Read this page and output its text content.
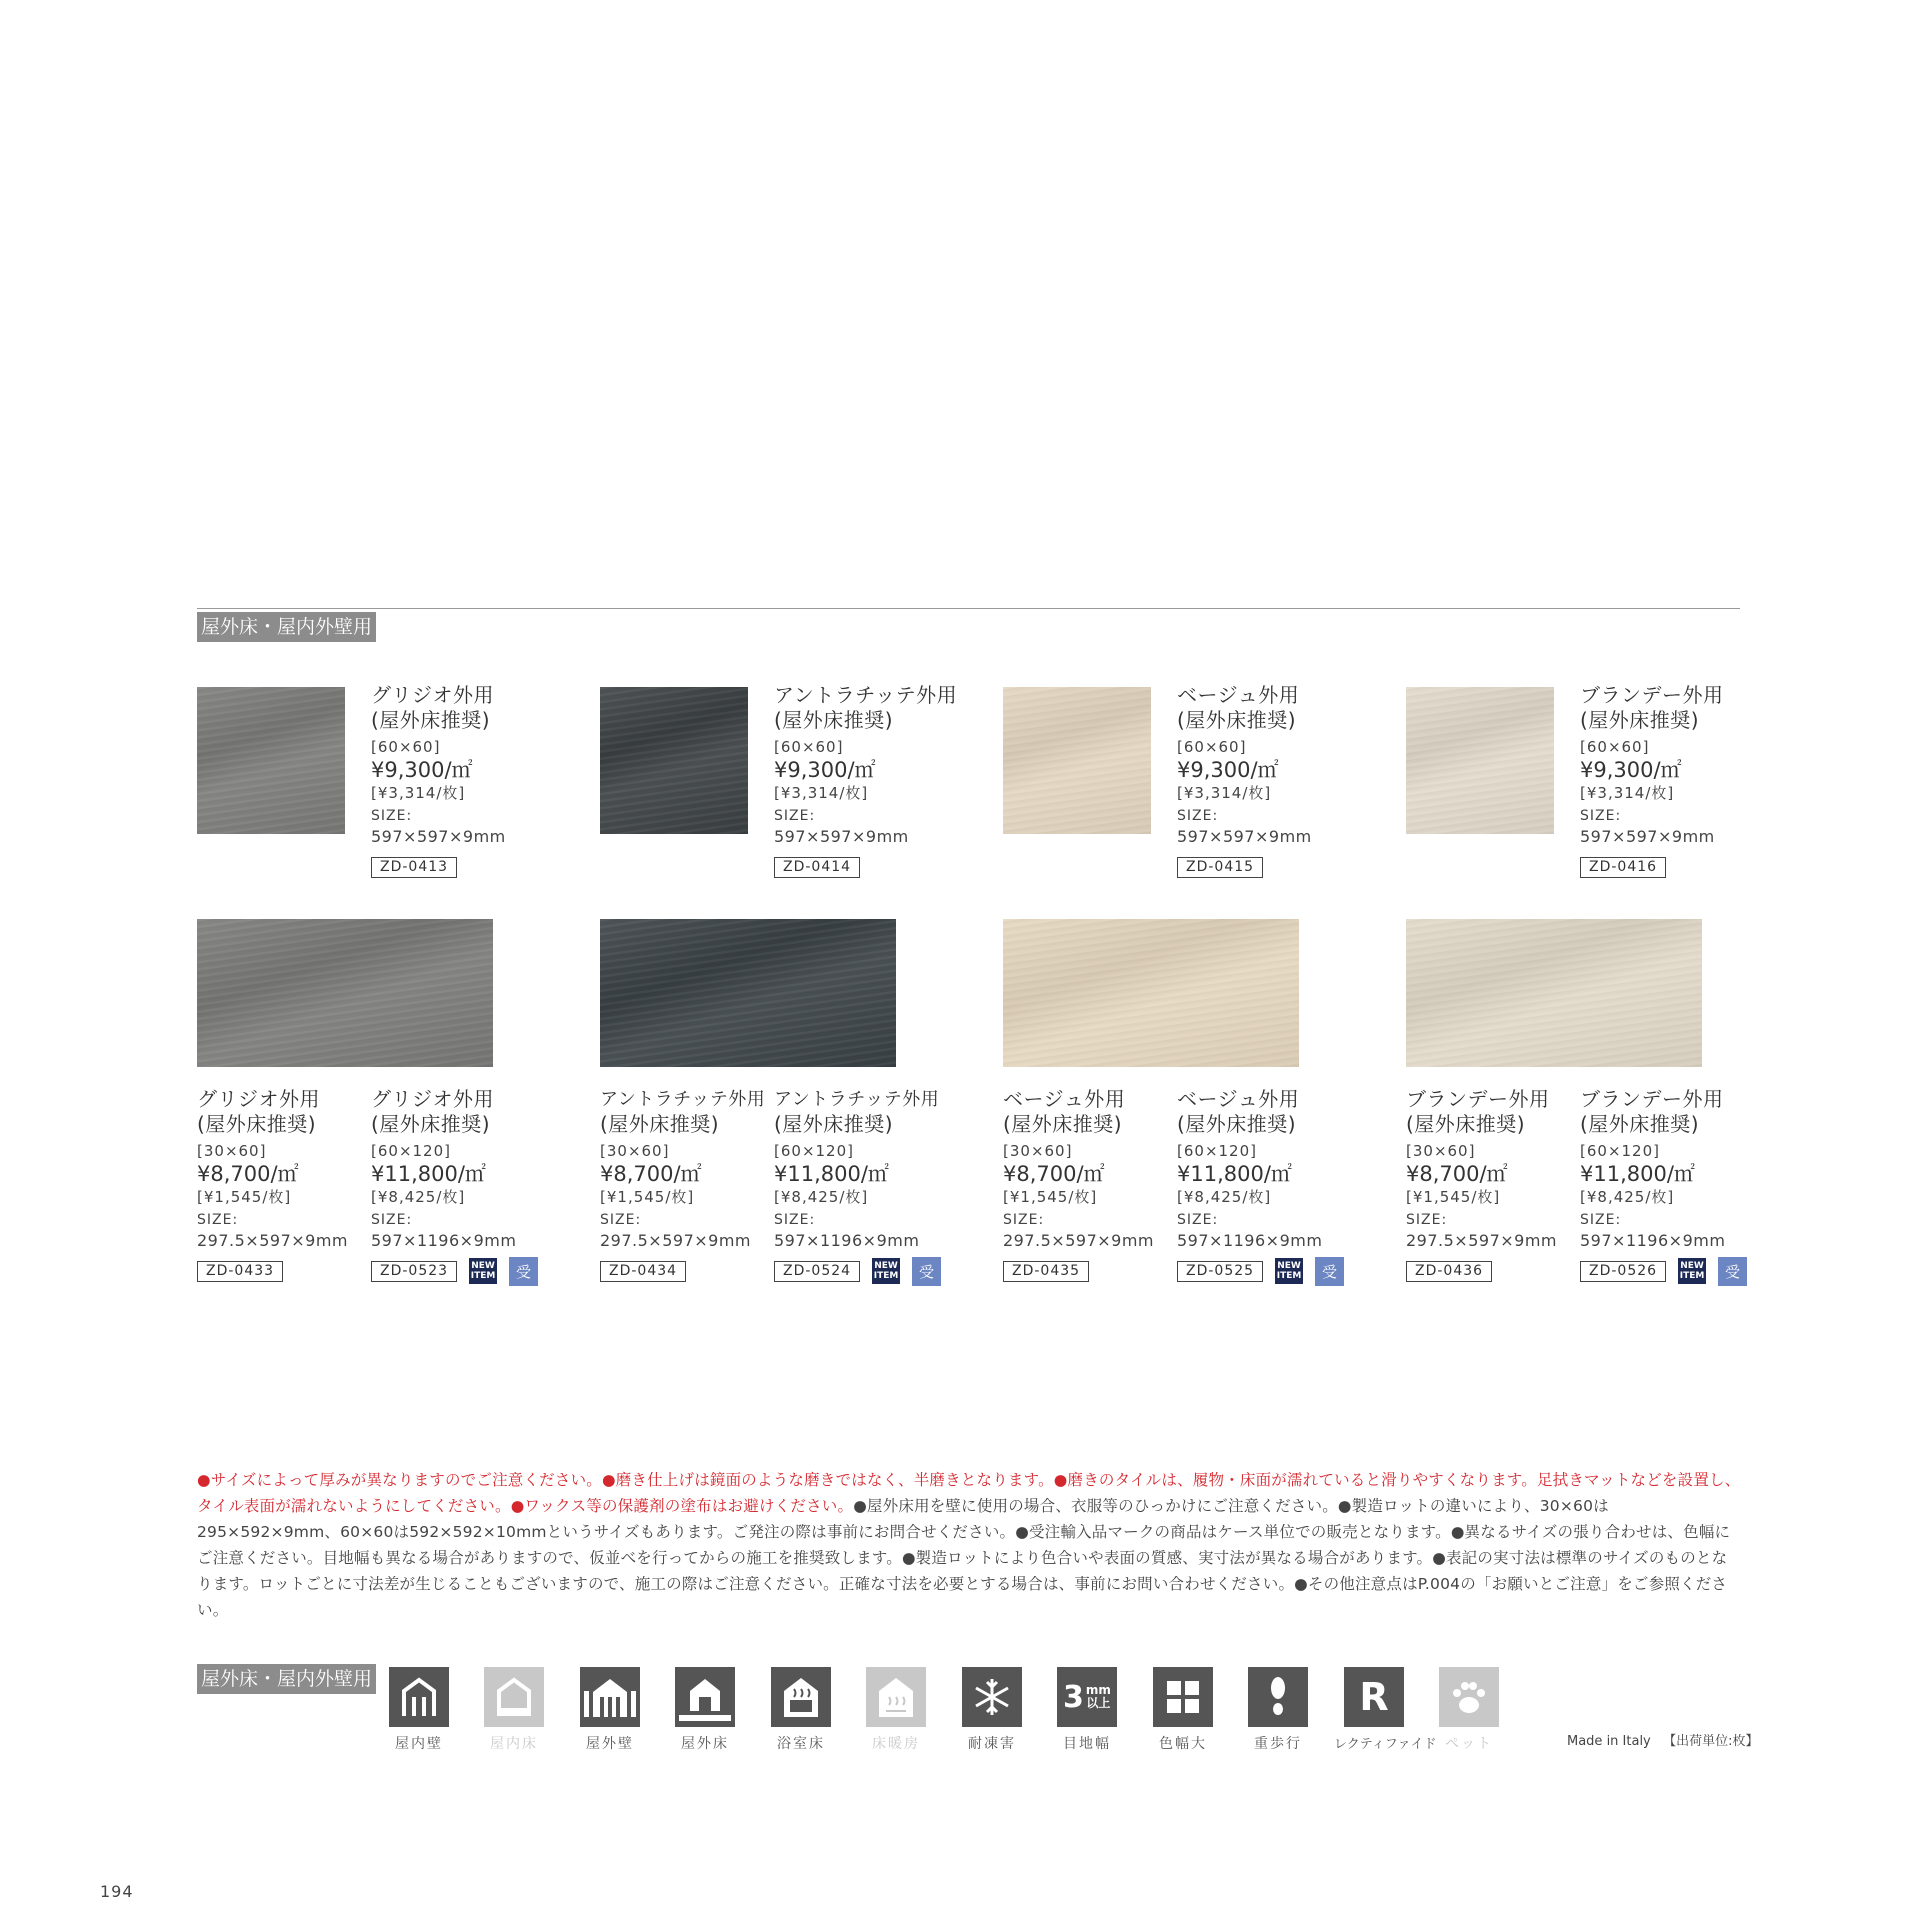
屋外床・屋内外壁用
グリジオ外用
(屋外床推奨)
[60×60]
¥9,300/㎡
[¥3,314/枚]
SIZE:
597×597×9mm
ZD-0413
アントラチッテ外用
(屋外床推奨)
[60×60]
¥9,300/㎡
[¥3,314/枚]
SIZE:
597×597×9mm
ZD-0414
ベージュ外用
(屋外床推奨)
[60×60]
¥9,300/㎡
[¥3,314/枚]
SIZE:
597×597×9mm
ZD-0415
ブランデー外用
(屋外床推奨)
[60×60]
¥9,300/㎡
[¥3,314/枚]
SIZE:
597×597×9mm
ZD-0416
グリジオ外用
(屋外床推奨)
[30×60]
¥8,700/㎡
[¥1,545/枚]
SIZE:
297.5×597×9mm
ZD-0433
グリジオ外用
(屋外床推奨)
[60×120]
¥11,800/㎡
[¥8,425/枚]
SIZE:
597×1196×9mm
ZD-0523	NEW
ITEM	受
アントラチッテ外用
(屋外床推奨)
[30×60]
¥8,700/㎡
[¥1,545/枚]
SIZE:
297.5×597×9mm
ZD-0434
アントラチッテ外用
(屋外床推奨)
[60×120]
¥11,800/㎡
[¥8,425/枚]
SIZE:
597×1196×9mm
ZD-0524	NEW
ITEM	受
ベージュ外用
(屋外床推奨)
[30×60]
¥8,700/㎡
[¥1,545/枚]
SIZE:
297.5×597×9mm
ZD-0435
ベージュ外用
(屋外床推奨)
[60×120]
¥11,800/㎡
[¥8,425/枚]
SIZE:
597×1196×9mm
ZD-0525	NEW
ITEM	受
ブランデー外用
(屋外床推奨)
[30×60]
¥8,700/㎡
[¥1,545/枚]
SIZE:
297.5×597×9mm
ZD-0436
ブランデー外用
(屋外床推奨)
[60×120]
¥11,800/㎡
[¥8,425/枚]
SIZE:
597×1196×9mm
ZD-0526	NEW
ITEM	受
●サイズによって厚みが異なりますのでご注意ください。●磨き仕上げは鏡面のような磨きではなく、半磨きとなります。●磨きのタイルは、履物・床面が濡れていると滑りやすくなります。足拭きマットなどを設置し、タイル表面が濡れないようにしてください。●ワックス等の保護剤の塗布はお避けください。●屋外床用を壁に使用の場合、衣服等のひっかけにご注意ください。●製造ロットの違いにより、30×60は295×592×9mm、60×60は592×592×10mmというサイズもあります。ご発注の際は事前にお問合せください。●受注輸入品マークの商品はケース単位での販売となります。●異なるサイズの張り合わせは、色幅にご注意ください。目地幅も異なる場合がありますので、仮並べを行ってからの施工を推奨致します。●製造ロットにより色合いや表面の質感、実寸法が異なる場合があります。●表記の実寸法は標準のサイズのものとなります。ロットごとに寸法差が生じることもございますので、施工の際はご注意ください。正確な寸法を必要とする場合は、事前にお問い合わせください。●その他注意点はP.004の「お願いとご注意」をご参照ください。
屋外床・屋内外壁用
屋内壁	屋内床	屋外壁	屋外床	浴室床	床暖房	耐凍害
3 mm
以上
目地幅	色幅大	重歩行
R
レクティファイド ペット	Made in Italy 【出荷単位:枚】
194
